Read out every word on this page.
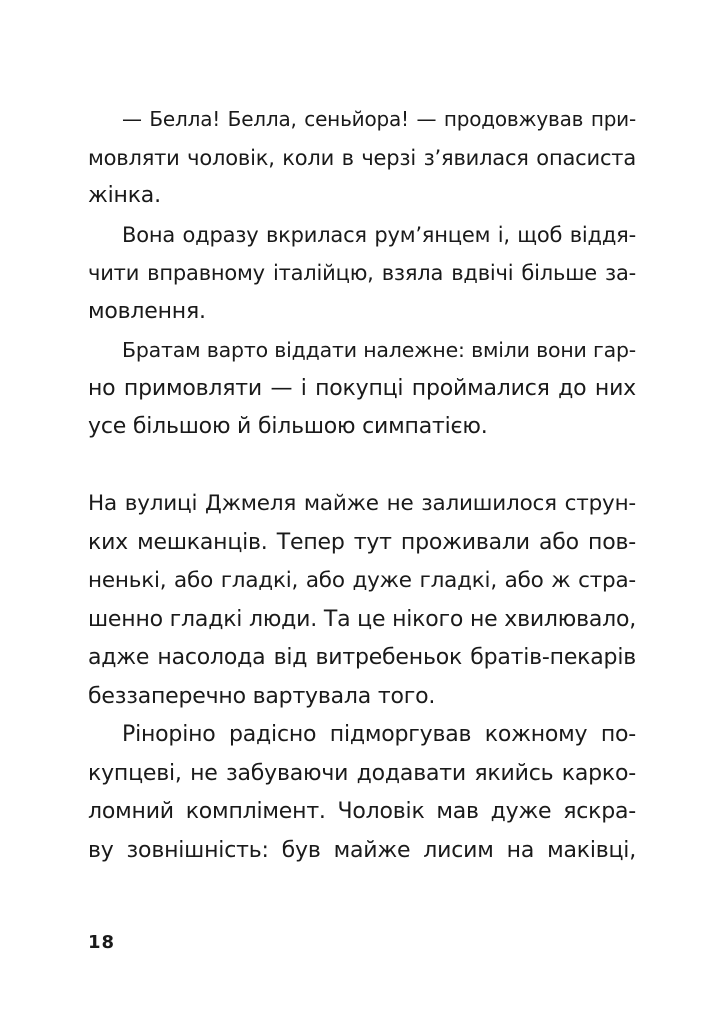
— Белла! Белла, сеньйора! — продовжував при-
мовляти чоловік, коли в черзі з’явилася опасиста
жінка.
Вона одразу вкрилася рум’янцем і, щоб віддя-
чити вправному італійцю, взяла вдвічі більше за-
мовлення.
Братам варто віддати належне: вміли вони гар-
но примовляти — і покупці проймалися до них
усе більшою й більшою симпатією.
На вулиці Джмеля майже не залишилося струн-
ких мешканців. Тепер тут проживали або пов-
ненькі, або гладкі, або дуже гладкі, або ж стра-
шенно гладкі люди. Та це нікого не хвилювало,
адже насолода від витребеньок братів-пекарів
беззаперечно вартувала того.
Ріноріно радісно підморгував кожному по-
купцеві, не забуваючи додавати якийсь карко-
ломний комплімент. Чоловік мав дуже яскра-
ву зовнішність: був майже лисим на маківці,
18
